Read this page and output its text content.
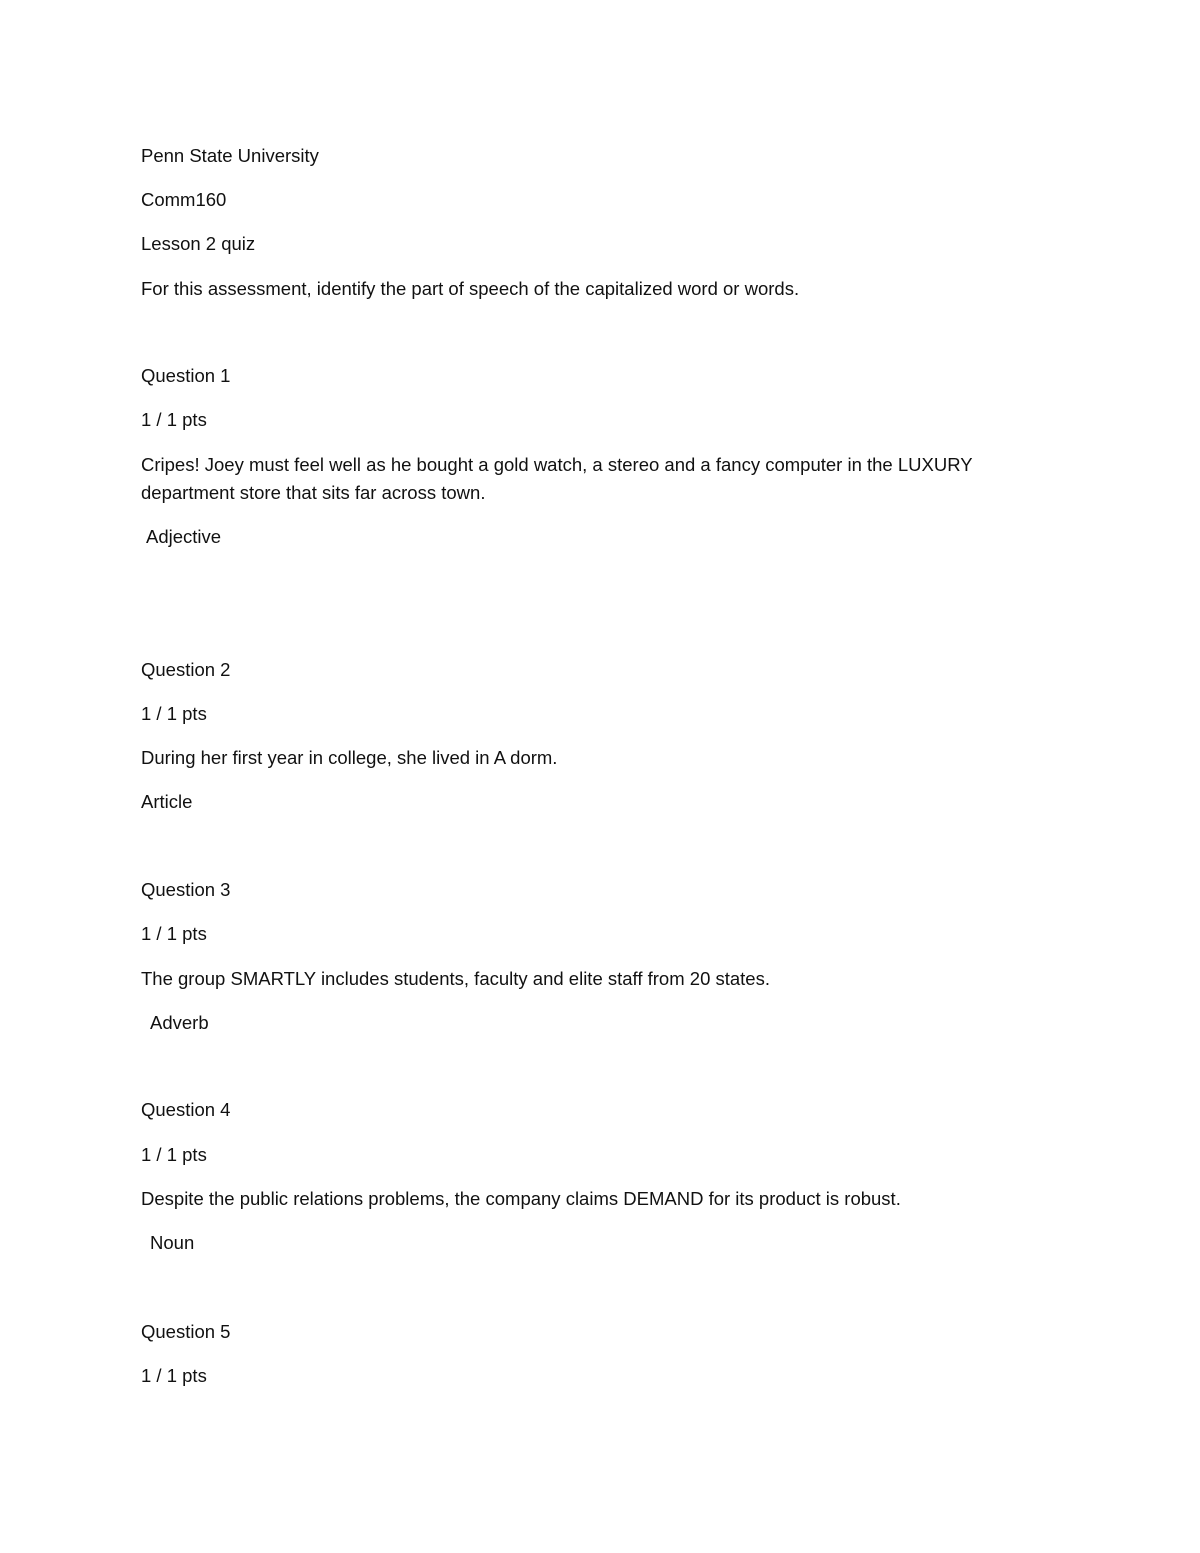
Penn State University

Comm160

Lesson 2 quiz

For this assessment, identify the part of speech of the capitalized word or words.

Question 1

1 / 1 pts

Cripes! Joey must feel well as he bought a gold watch, a stereo and a fancy computer in the LUXURY department store that sits far across town.

Adjective

Question 2

1 / 1 pts

During her first year in college, she lived in A dorm.

Article

Question 3

1 / 1 pts

The group SMARTLY includes students, faculty and elite staff from 20 states.

Adverb

Question 4

1 / 1 pts

Despite the public relations problems, the company claims DEMAND for its product is robust.

Noun

Question 5

1 / 1 pts
